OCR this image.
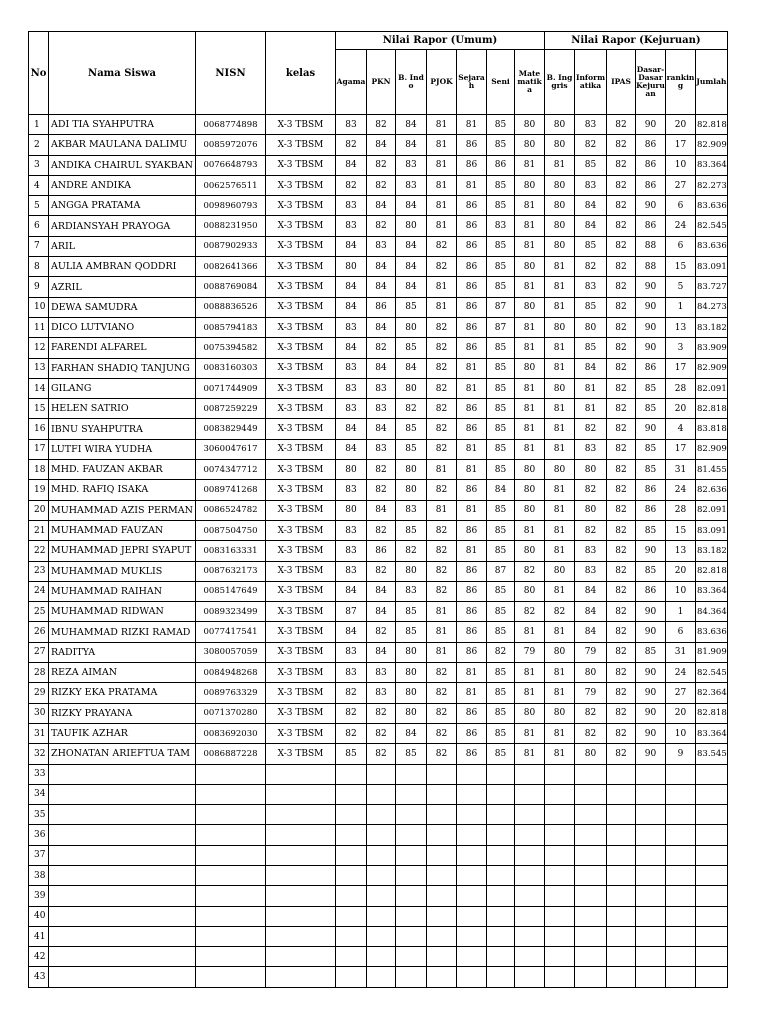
No	Nama Siswa	NISN	kelas	Nilai Rapor (Umum)							Nilai Rapor (Kejuruan)					
				Agama	PKN	B. Indo	PJOK	Sejarah	Seni	Matematika	B. Inggris	Informatika	IPAS	Dasar-Dasar Kejuruan	ranking	Jumlah
1	ADI TIA SYAHPUTRA	0068774898	X-3 TBSM	83	82	84	81	81	85	80	80	83	82	90	20	82.818
2	AKBAR MAULANA DALIMU	0085972076	X-3 TBSM	82	84	84	81	86	85	80	80	82	82	86	17	82.909
3	ANDIKA CHAIRUL SYAKBAN	0076648793	X-3 TBSM	84	82	83	81	86	86	81	81	85	82	86	10	83.364
4	ANDRE ANDIKA	0062576511	X-3 TBSM	82	82	83	81	81	85	80	80	83	82	86	27	82.273
5	ANGGA PRATAMA	0098960793	X-3 TBSM	83	84	84	81	86	85	81	80	84	82	90	6	83.636
6	ARDIANSYAH PRAYOGA	0088231950	X-3 TBSM	83	82	80	81	86	83	81	80	84	82	86	24	82.545
7	ARIL	0087902933	X-3 TBSM	84	83	84	82	86	85	81	80	85	82	88	6	83.636
8	AULIA AMBRAN QODDRI	0082641366	X-3 TBSM	80	84	84	82	86	85	80	81	82	82	88	15	83.091
9	AZRIL	0088769084	X-3 TBSM	84	84	84	81	86	85	81	81	83	82	90	5	83.727
10	DEWA SAMUDRA	0088836526	X-3 TBSM	84	86	85	81	86	87	80	81	85	82	90	1	84.273
11	DICO LUTVIANO	0085794183	X-3 TBSM	83	84	80	82	86	87	81	80	80	82	90	13	83.182
12	FARENDI ALFAREL	0075394582	X-3 TBSM	84	82	85	82	86	85	81	81	85	82	90	3	83.909
13	FARHAN SHADIQ TANJUNG	0083160303	X-3 TBSM	83	84	84	82	81	85	80	81	84	82	86	17	82.909
14	GILANG	0071744909	X-3 TBSM	83	83	80	82	81	85	81	80	81	82	85	28	82.091
15	HELEN SATRIO	0087259229	X-3 TBSM	83	83	82	82	86	85	81	81	81	82	85	20	82.818
16	IBNU SYAHPUTRA	0083829449	X-3 TBSM	84	84	85	82	86	85	81	81	82	82	90	4	83.818
17	LUTFI WIRA YUDHA	3060047617	X-3 TBSM	84	83	85	82	81	85	81	81	83	82	85	17	82.909
18	MHD. FAUZAN AKBAR	0074347712	X-3 TBSM	80	82	80	81	81	85	80	80	80	82	85	31	81.455
19	MHD. RAFIQ ISAKA	0089741268	X-3 TBSM	83	82	80	82	86	84	80	81	82	82	86	24	82.636
20	MUHAMMAD AZIS PERMAN	0086524782	X-3 TBSM	80	84	83	81	81	85	80	81	80	82	86	28	82.091
21	MUHAMMAD FAUZAN	0087504750	X-3 TBSM	83	82	85	82	86	85	81	81	82	82	85	15	83.091
22	MUHAMMAD JEPRI SYAPUT	0083163331	X-3 TBSM	83	86	82	82	81	85	80	81	83	82	90	13	83.182
23	MUHAMMAD MUKLIS	0087632173	X-3 TBSM	83	82	80	82	86	87	82	80	83	82	85	20	82.818
24	MUHAMMAD RAIHAN	0085147649	X-3 TBSM	84	84	83	82	86	85	80	81	84	82	86	10	83.364
25	MUHAMMAD RIDWAN	0089323499	X-3 TBSM	87	84	85	81	86	85	82	82	84	82	90	1	84.364
26	MUHAMMAD RIZKI RAMAD	0077417541	X-3 TBSM	84	82	85	81	86	85	81	81	84	82	90	6	83.636
27	RADITYA	3080057059	X-3 TBSM	83	84	80	81	86	82	79	80	79	82	85	31	81.909
28	REZA AIMAN	0084948268	X-3 TBSM	83	83	80	82	81	85	81	81	80	82	90	24	82.545
29	RIZKY EKA PRATAMA	0089763329	X-3 TBSM	82	83	80	82	81	85	81	81	79	82	90	27	82.364
30	RIZKY PRAYANA	0071370280	X-3 TBSM	82	82	80	82	86	85	80	80	82	82	90	20	82.818
31	TAUFIK AZHAR	0083692030	X-3 TBSM	82	82	84	82	86	85	81	81	82	82	90	10	83.364
32	ZHONATAN ARIEFTUA TAM	0086887228	X-3 TBSM	85	82	85	82	86	85	81	81	80	82	90	9	83.545
33																
34																
35																
36																
37																
38																
39																
40																
41																
42																
43																
